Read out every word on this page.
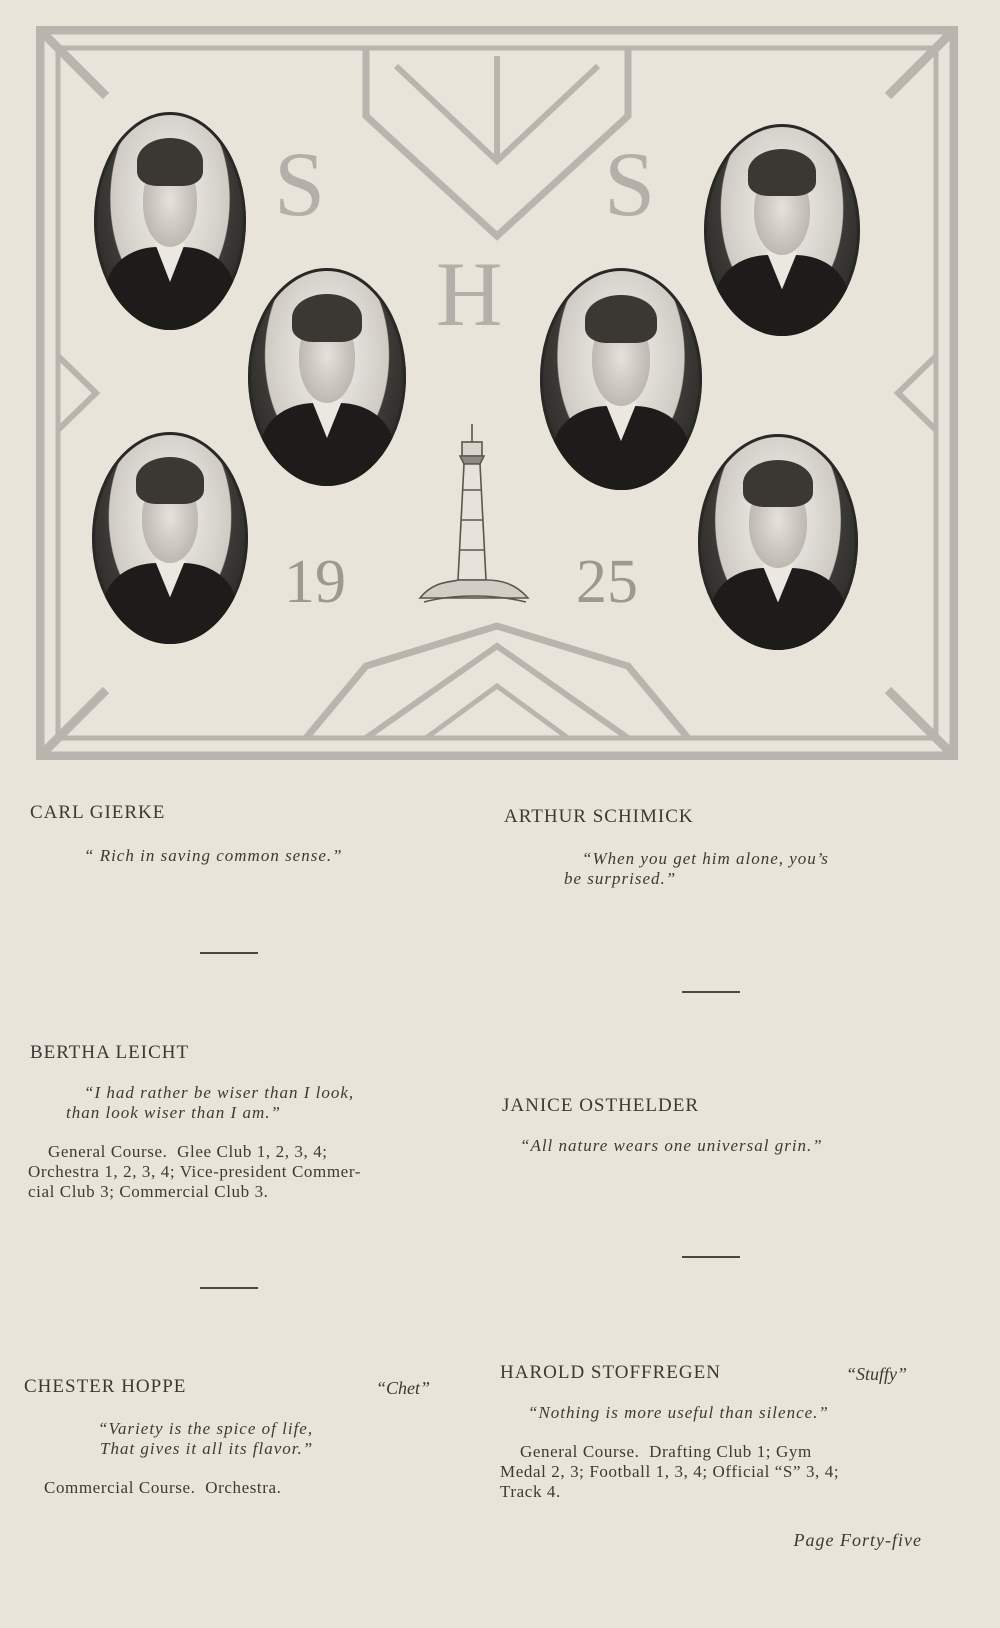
S	S
H
19	25
CARL GIERKE
“ Rich in saving common sense.”
BERTHA LEICHT
“I had rather be wiser than I look,
than look wiser than I am.”
General Course.  Glee Club 1, 2, 3, 4;
Orchestra 1, 2, 3, 4; Vice-president Commer-
cial Club 3; Commercial Club 3.
CHESTER HOPPE	“Chet”
“Variety is the spice of life,
That gives it all its flavor.”
Commercial Course.  Orchestra.
ARTHUR SCHIMICK
“When you get him alone, you’s
be surprised.”
JANICE OSTHELDER
“All nature wears one universal grin.”
HAROLD STOFFREGEN	“Stuffy”
“Nothing is more useful than silence.”
General Course.  Drafting Club 1; Gym
Medal 2, 3; Football 1, 3, 4; Official “S” 3, 4;
Track 4.
Page Forty-five
